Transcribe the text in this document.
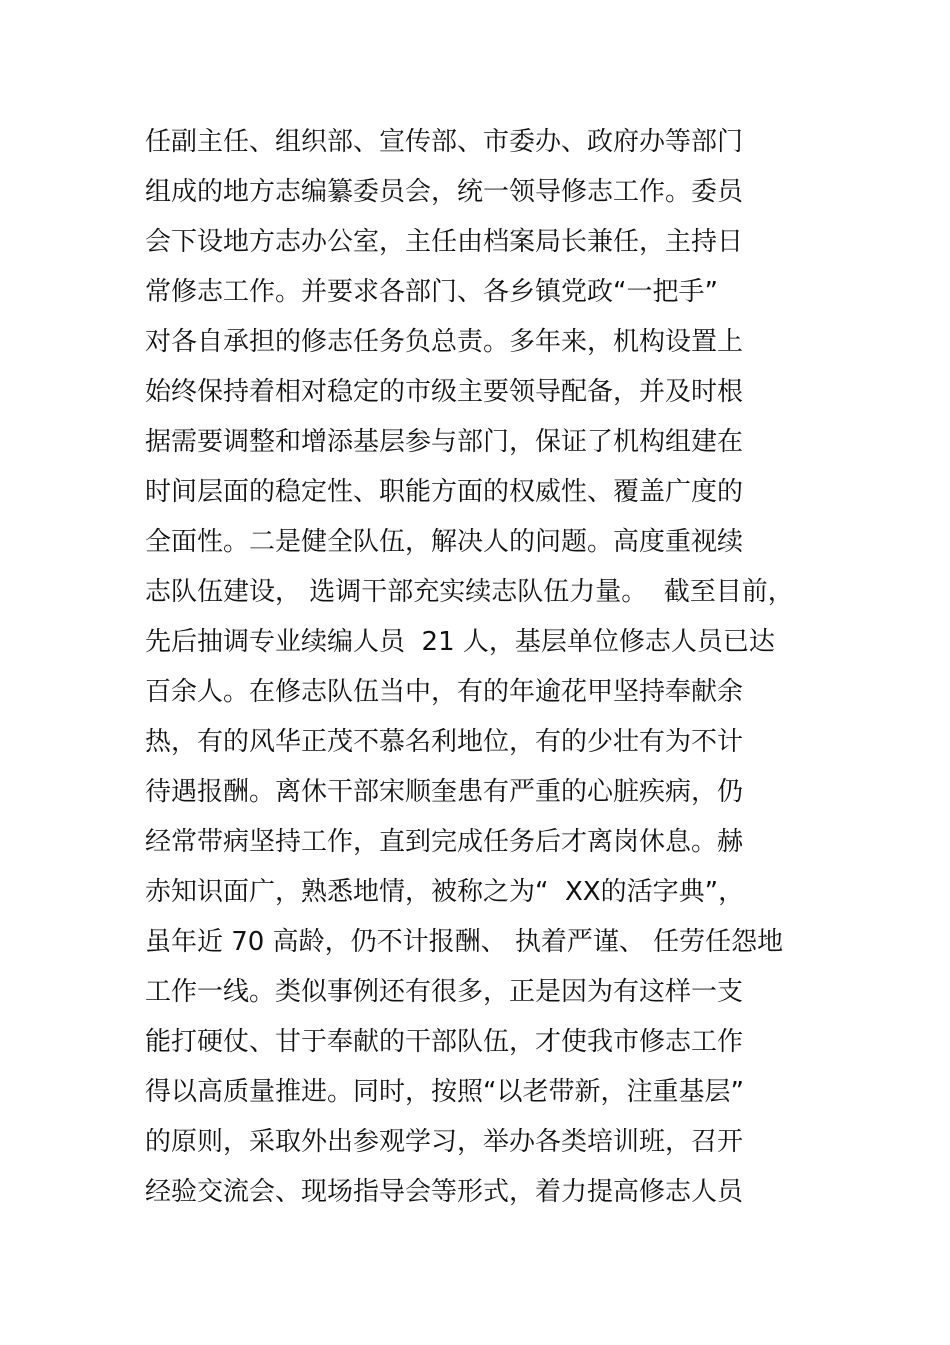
任副主任、组织部、宣传部、市委办、政府办等部门
组成的地方志编纂委员会，统一领导修志工作。委员
会下设地方志办公室，主任由档案局长兼任，主持日
常修志工作。并要求各部门、各乡镇党政“一把手”
对各自承担的修志任务负总责。多年来，机构设置上
始终保持着相对稳定的市级主要领导配备，并及时根
据需要调整和增添基层参与部门，保证了机构组建在
时间层面的稳定性、职能方面的权威性、覆盖广度的
全面性。二是健全队伍，解决人的问题。高度重视续
志队伍建设， 选调干部充实续志队伍力量。  截至目前，
先后抽调专业续编人员  21 人，基层单位修志人员已达
百余人。在修志队伍当中，有的年逾花甲坚持奉献余
热，有的风华正茂不慕名利地位，有的少壮有为不计
待遇报酬。离休干部宋顺奎患有严重的心脏疾病，仍
经常带病坚持工作，直到完成任务后才离岗休息。赫
赤知识面广，熟悉地情，被称之为“  XX的活字典”，
虽年近 70 高龄，仍不计报酬、 执着严谨、 任劳任怨地
工作一线。类似事例还有很多，正是因为有这样一支
能打硬仗、甘于奉献的干部队伍，才使我市修志工作
得以高质量推进。同时，按照“以老带新，注重基层”
的原则，采取外出参观学习，举办各类培训班，召开
经验交流会、现场指导会等形式，着力提高修志人员
